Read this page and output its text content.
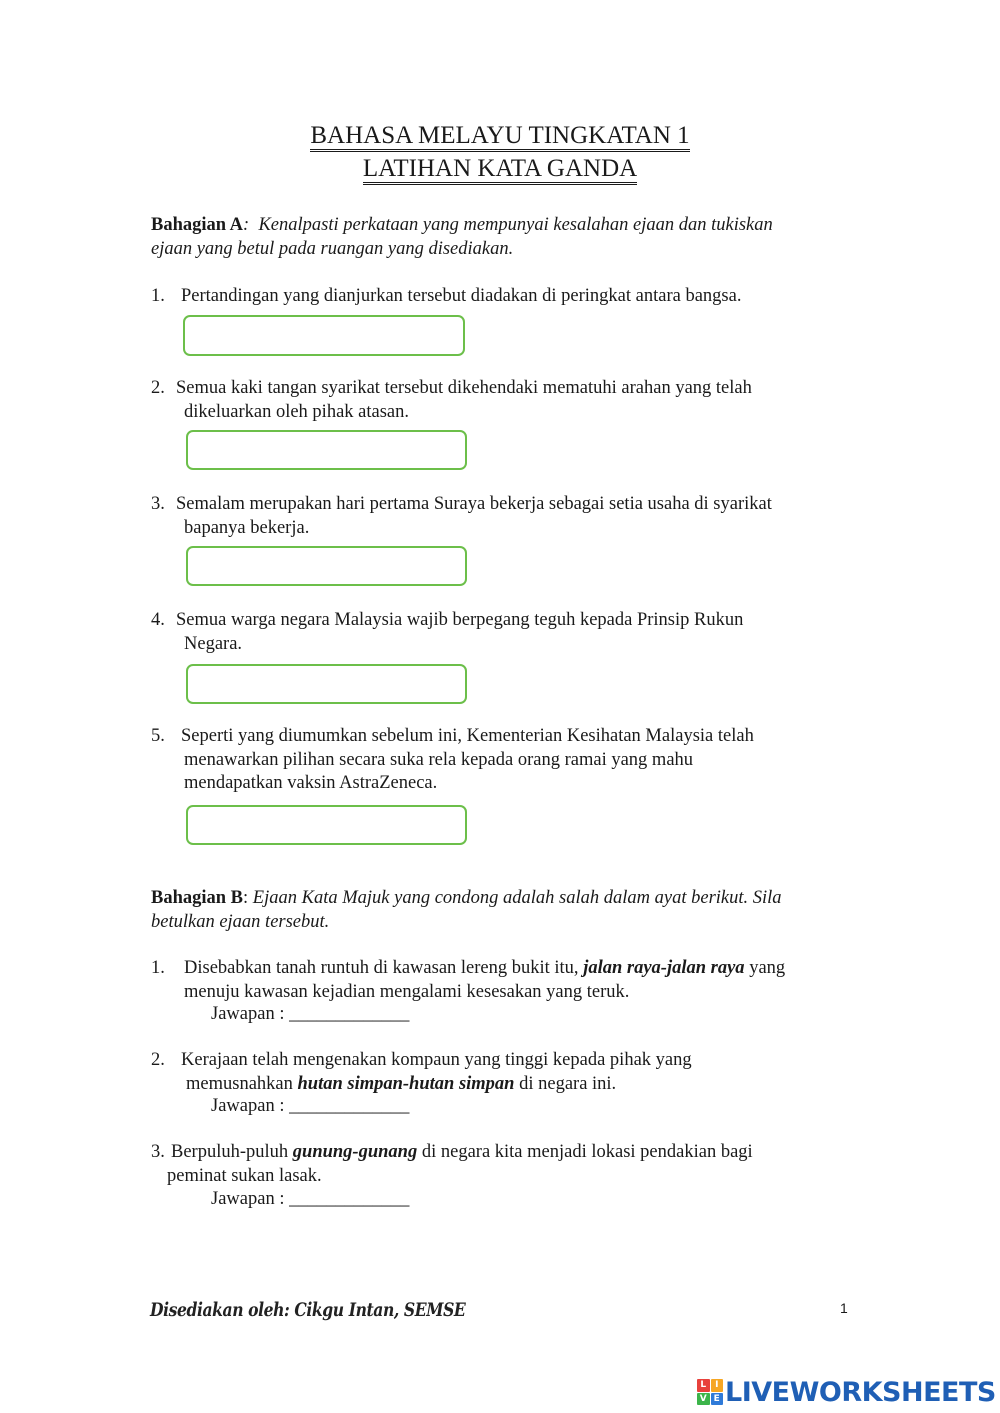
BAHASA MELAYU TINGKATAN 1
LATIHAN KATA GANDA
Bahagian A: Kenalpasti perkataan yang mempunyai kesalahan ejaan dan tukiskan
ejaan yang betul pada ruangan yang disediakan.
1. Pertandingan yang dianjurkan tersebut diadakan di peringkat antara bangsa.
2. Semua kaki tangan syarikat tersebut dikehendaki mematuhi arahan yang telah
dikeluarkan oleh pihak atasan.
3. Semalam merupakan hari pertama Suraya bekerja sebagai setia usaha di syarikat
bapanya bekerja.
4. Semua warga negara Malaysia wajib berpegang teguh kepada Prinsip Rukun
Negara.
5. Seperti yang diumumkan sebelum ini, Kementerian Kesihatan Malaysia telah
menawarkan pilihan secara suka rela kepada orang ramai yang mahu
mendapatkan vaksin AstraZeneca.
Bahagian B: Ejaan Kata Majuk yang condong adalah salah dalam ayat berikut. Sila
betulkan ejaan tersebut.
1. Disebabkan tanah runtuh di kawasan lereng bukit itu, jalan raya-jalan raya yang
menuju kawasan kejadian mengalami kesesakan yang teruk.
Jawapan : _____________
2. Kerajaan telah mengenakan kompaun yang tinggi kepada pihak yang
memusnahkan hutan simpan-hutan simpan di negara ini.
Jawapan : _____________
3. Berpuluh-puluh gunung-gunang di negara kita menjadi lokasi pendakian bagi
peminat sukan lasak.
Jawapan : _____________
Disediakan oleh: Cikgu Intan, SEMSE	1
L I
V E LIVEWORKSHEETS
